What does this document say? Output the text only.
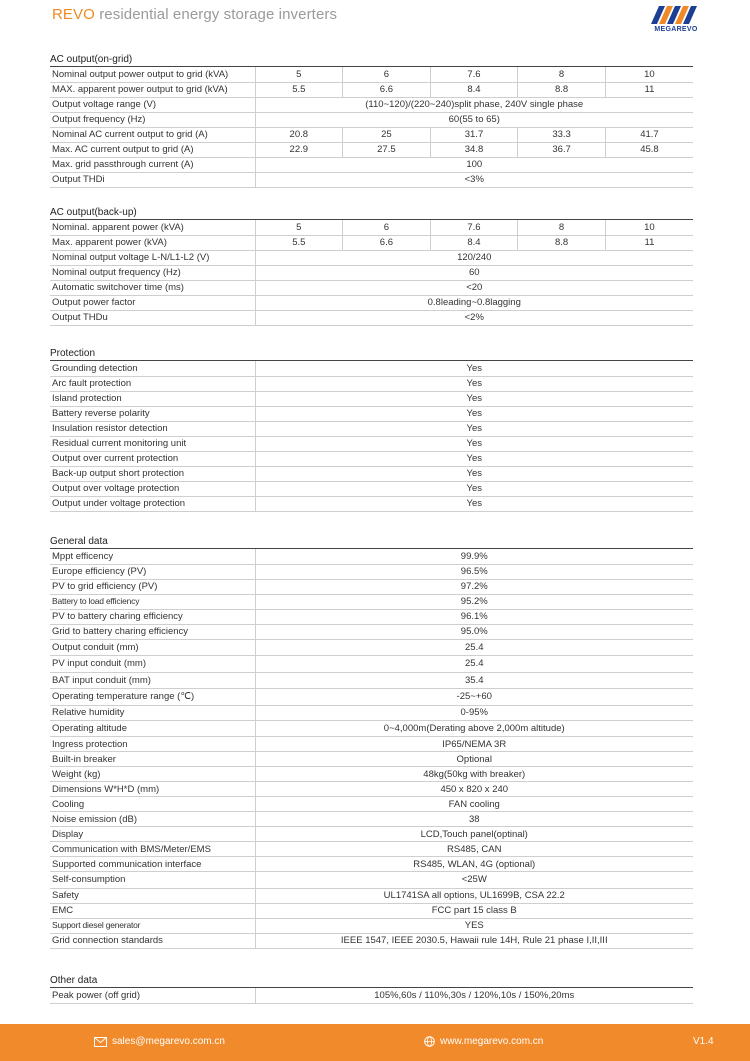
REVO residential energy storage inverters
MEGAREVO
AC output(on-grid)
Nominal output power output to grid (kVA)	5	6	7.6	8	10
MAX. apparent power output to grid (kVA)	5.5	6.6	8.4	8.8	11
Output voltage range (V)	(110~120)/(220~240)split phase, 240V single phase				
Output frequency (Hz)	60(55 to 65)				
Nominal AC current output to grid (A)	20.8	25	31.7	33.3	41.7
Max. AC current output to grid (A)	22.9	27.5	34.8	36.7	45.8
Max. grid passthrough current (A)	100				
Output THDi	<3%				
AC output(back-up)
Nominal. apparent power (kVA)	5	6	7.6	8	10
Max. apparent power (kVA)	5.5	6.6	8.4	8.8	11
Nominal output voltage L-N/L1-L2 (V)	120/240				
Nominal output frequency (Hz)	60				
Automatic switchover time (ms)	<20				
Output power factor	0.8leading~0.8lagging				
Output THDu	<2%				
Protection
Grounding detection	Yes
Arc fault protection	Yes
Island protection	Yes
Battery reverse polarity	Yes
Insulation resistor detection	Yes
Residual current monitoring unit	Yes
Output over current protection	Yes
Back-up output short protection	Yes
Output over voltage protection	Yes
Output under voltage protection	Yes
General data
Mppt efficency	99.9%
Europe efficiency (PV)	96.5%
PV to grid efficiency (PV)	97.2%
Battery to load efficiency	95.2%
PV to battery charing efficiency	96.1%
Grid to battery charing efficiency	95.0%
Output conduit (mm)	25.4
PV input conduit (mm)	25.4
BAT input conduit (mm)	35.4
Operating temperature range (℃)	-25~+60
Relative humidity	0-95%
Operating altitude	0~4,000m(Derating above 2,000m altitude)
Ingress protection	IP65/NEMA 3R
Built-in breaker	Optional
Weight (kg)	48kg(50kg with breaker)
Dimensions W*H*D (mm)	450 x 820 x 240
Cooling	FAN cooling
Noise emission (dB)	38
Display	LCD,Touch panel(optinal)
Communication with BMS/Meter/EMS	RS485, CAN
Supported communication interface	RS485, WLAN, 4G (optional)
Self-consumption	<25W
Safety	UL1741SA all options, UL1699B, CSA 22.2
EMC	FCC part 15 class B
Support diesel generator	YES
Grid connection standards	IEEE 1547, IEEE 2030.5, Hawaii rule 14H, Rule 21 phase I,II,III
Other data
Peak power (off grid)	105%,60s / 110%,30s / 120%,10s / 150%,20ms
sales@megarevo.com.cn	www.megarevo.com.cn	V1.4
